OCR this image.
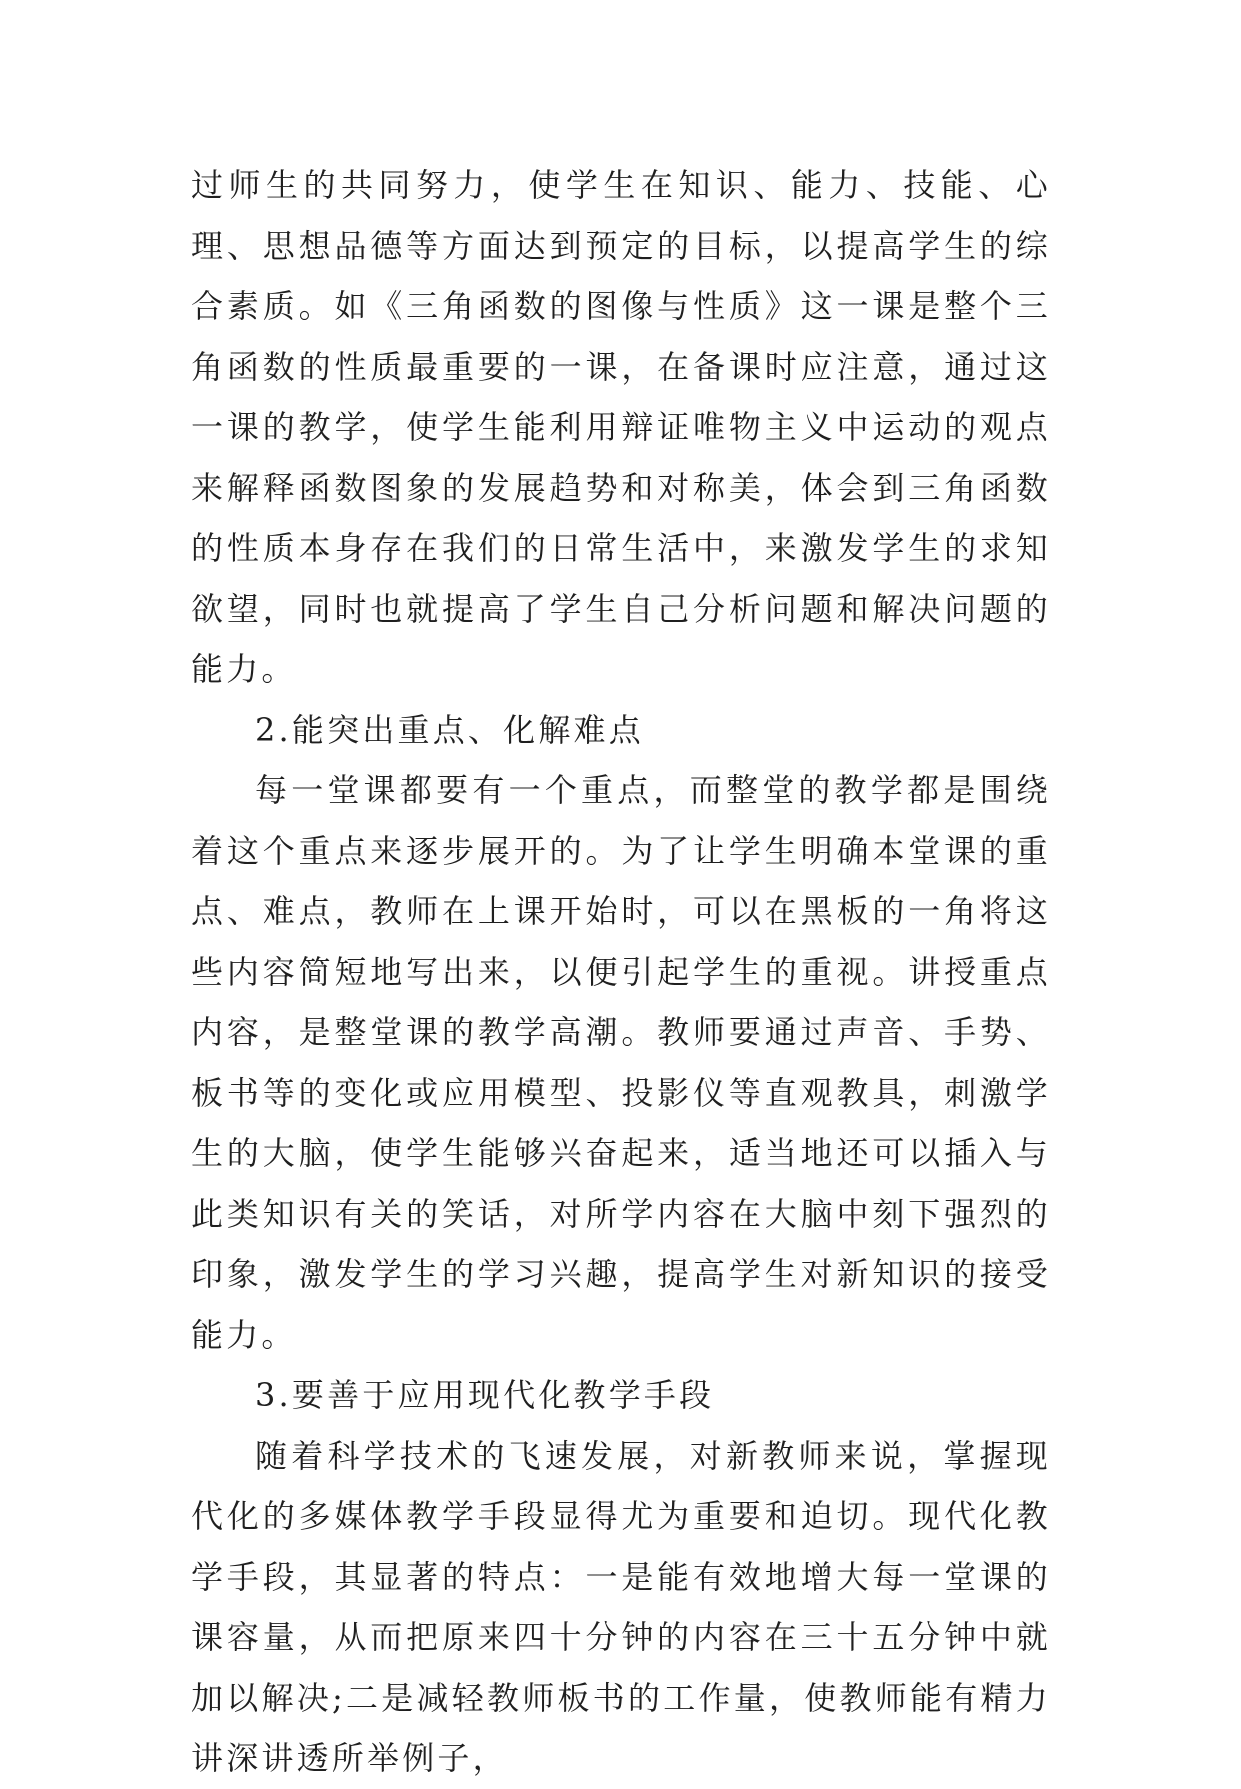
过师生的共同努力，使学生在知识、能力、技能、心理、思想品德等方面达到预定的目标，以提高学生的综合素质。如《三角函数的图像与性质》这一课是整个三角函数的性质最重要的一课，在备课时应注意，通过这一课的教学，使学生能利用辩证唯物主义中运动的观点来解释函数图象的发展趋势和对称美，体会到三角函数的性质本身存在我们的日常生活中，来激发学生的求知欲望，同时也就提高了学生自己分析问题和解决问题的能力。

2.能突出重点、化解难点

每一堂课都要有一个重点，而整堂的教学都是围绕着这个重点来逐步展开的。为了让学生明确本堂课的重点、难点，教师在上课开始时，可以在黑板的一角将这些内容简短地写出来，以便引起学生的重视。讲授重点内容，是整堂课的教学高潮。教师要通过声音、手势、板书等的变化或应用模型、投影仪等直观教具，刺激学生的大脑，使学生能够兴奋起来，适当地还可以插入与此类知识有关的笑话，对所学内容在大脑中刻下强烈的印象，激发学生的学习兴趣，提高学生对新知识的接受能力。

3.要善于应用现代化教学手段

随着科学技术的飞速发展，对新教师来说，掌握现代化的多媒体教学手段显得尤为重要和迫切。现代化教学手段，其显著的特点：一是能有效地增大每一堂课的课容量，从而把原来四十分钟的内容在三十五分钟中就加以解决;二是减轻教师板书的工作量，使教师能有精力讲深讲透所举例子，
